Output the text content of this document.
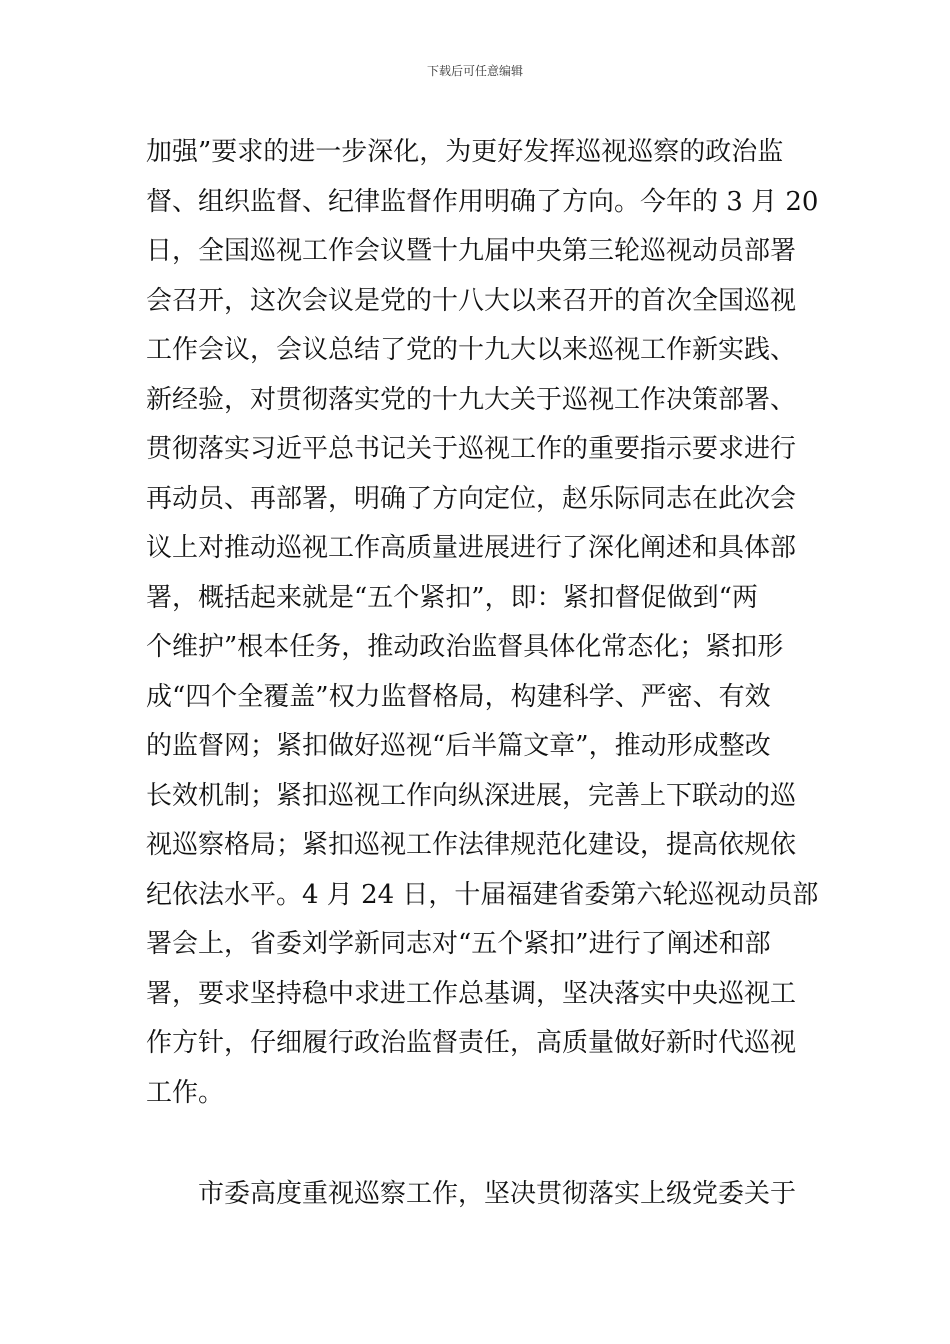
下载后可任意编辑
加强”要求的进一步深化，为更好发挥巡视巡察的政治监
督、组织监督、纪律监督作用明确了方向。今年的 3 月 20
日，全国巡视工作会议暨十九届中央第三轮巡视动员部署
会召开，这次会议是党的十八大以来召开的首次全国巡视
工作会议，会议总结了党的十九大以来巡视工作新实践、
新经验，对贯彻落实党的十九大关于巡视工作决策部署、
贯彻落实习近平总书记关于巡视工作的重要指示要求进行
再动员、再部署，明确了方向定位，赵乐际同志在此次会
议上对推动巡视工作高质量进展进行了深化阐述和具体部
署，概括起来就是“五个紧扣”，即：紧扣督促做到“两
个维护”根本任务，推动政治监督具体化常态化；紧扣形
成“四个全覆盖”权力监督格局，构建科学、严密、有效
的监督网；紧扣做好巡视“后半篇文章”，推动形成整改
长效机制；紧扣巡视工作向纵深进展，完善上下联动的巡
视巡察格局；紧扣巡视工作法律规范化建设，提高依规依
纪依法水平。4 月 24 日，十届福建省委第六轮巡视动员部
署会上，省委刘学新同志对“五个紧扣”进行了阐述和部
署，要求坚持稳中求进工作总基调，坚决落实中央巡视工
作方针，仔细履行政治监督责任，高质量做好新时代巡视
工作。
市委高度重视巡察工作，坚决贯彻落实上级党委关于
